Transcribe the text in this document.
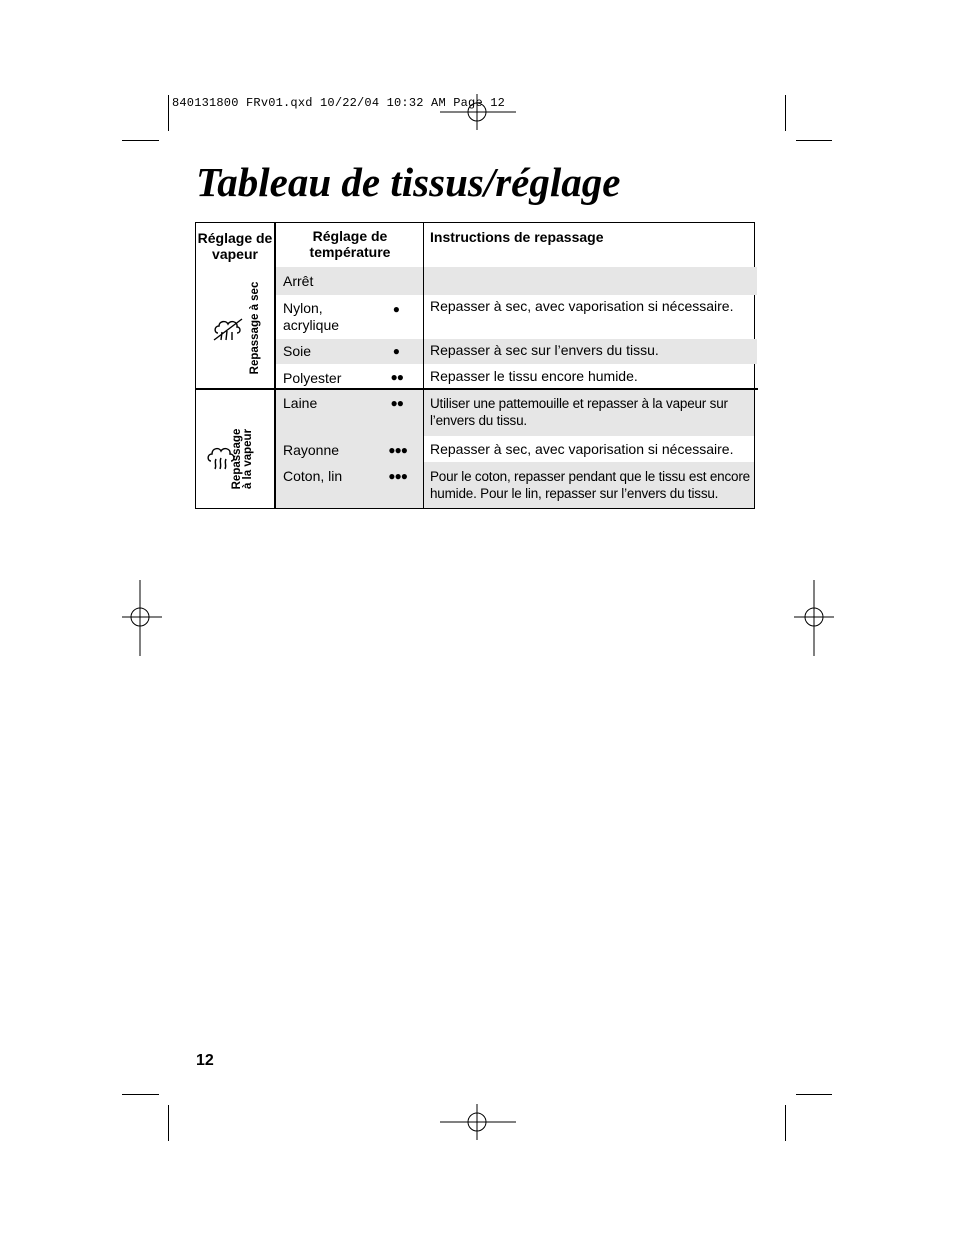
840131800 FRv01.qxd 10/22/04 10:32 AM Page 12
Tableau de tissus/réglage
Réglage de vapeur
Réglage de température
Instructions de repassage
Repassage à sec
Repassage à la vapeur
Arrêt
Nylon,
acrylique
Soie
Polyester
Laine
Rayonne
Coton, lin
●
●
●●
●●
●●●
●●●
Repasser à sec, avec vaporisation si nécessaire.
Repasser à sec sur l’envers du tissu.
Repasser le tissu encore humide.
Utiliser une pattemouille et repasser à la vapeur sur
l’envers du tissu.
Repasser à sec, avec vaporisation si nécessaire.
Pour le coton, repasser pendant que le tissu est encore
humide. Pour le lin, repasser sur l’envers du tissu.
12
